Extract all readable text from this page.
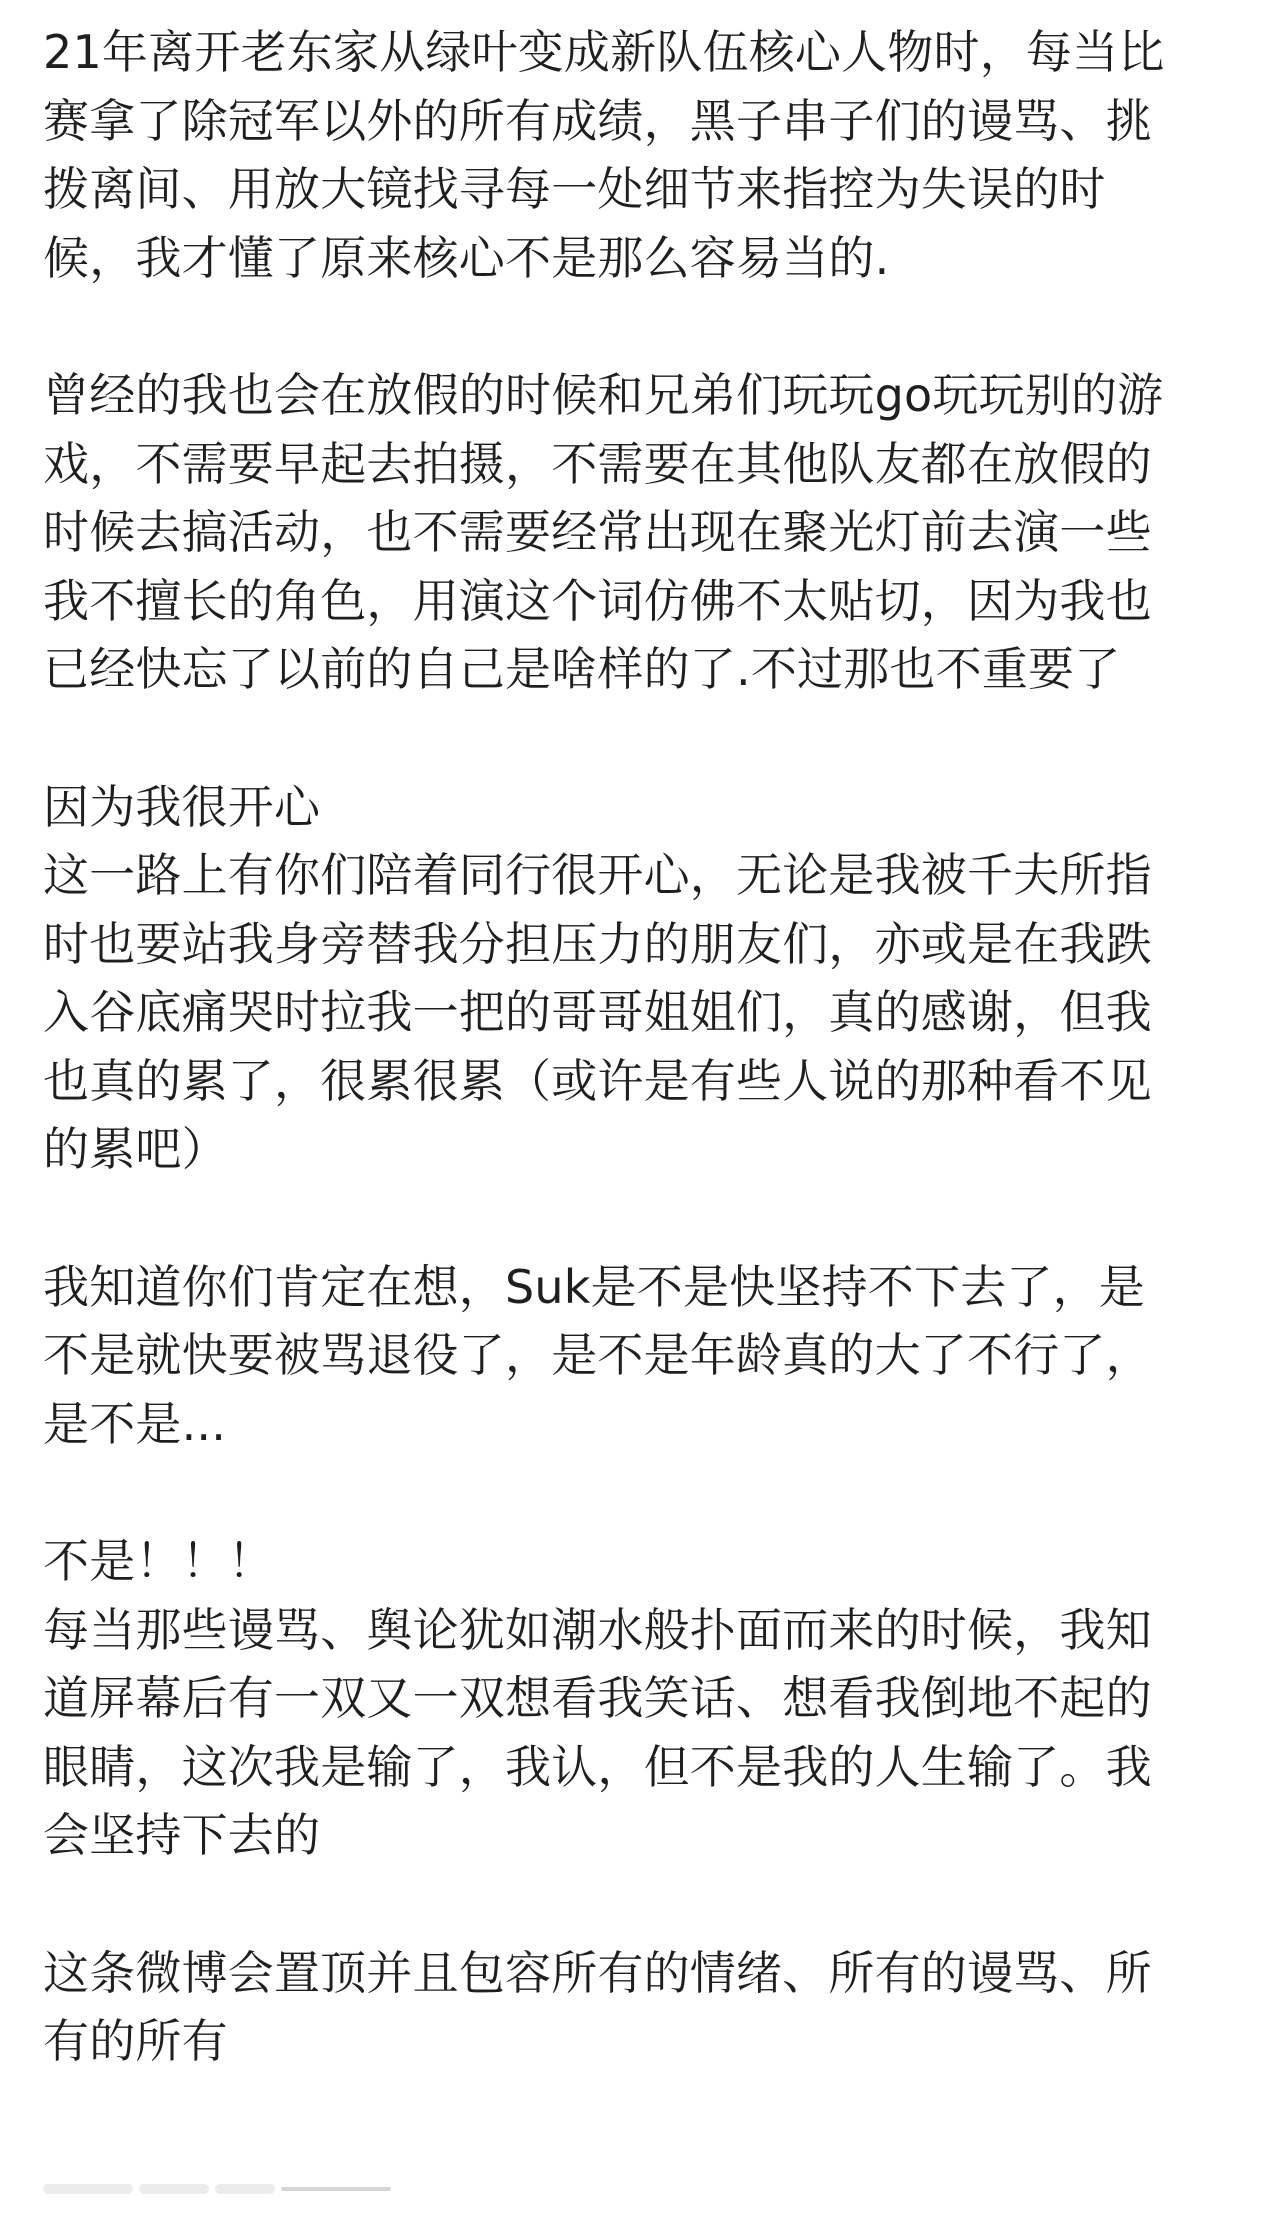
21年离开老东家从绿叶变成新队伍核心人物时，每当比
赛拿了除冠军以外的所有成绩，黑子串子们的谩骂、挑
拨离间、用放大镜找寻每一处细节来指控为失误的时
候，我才懂了原来核心不是那么容易当的.
曾经的我也会在放假的时候和兄弟们玩玩go玩玩别的游
戏，不需要早起去拍摄，不需要在其他队友都在放假的
时候去搞活动，也不需要经常出现在聚光灯前去演一些
我不擅长的角色，用演这个词仿佛不太贴切，因为我也
已经快忘了以前的自己是啥样的了.不过那也不重要了
因为我很开心
这一路上有你们陪着同行很开心，无论是我被千夫所指
时也要站我身旁替我分担压力的朋友们，亦或是在我跌
入谷底痛哭时拉我一把的哥哥姐姐们，真的感谢，但我
也真的累了，很累很累（或许是有些人说的那种看不见
的累吧）
我知道你们肯定在想，Suk是不是快坚持不下去了，是
不是就快要被骂退役了，是不是年龄真的大了不行了，
是不是...
不是！！！
每当那些谩骂、舆论犹如潮水般扑面而来的时候，我知
道屏幕后有一双又一双想看我笑话、想看我倒地不起的
眼睛，这次我是输了，我认，但不是我的人生输了。我
会坚持下去的
这条微博会置顶并且包容所有的情绪、所有的谩骂、所
有的所有
